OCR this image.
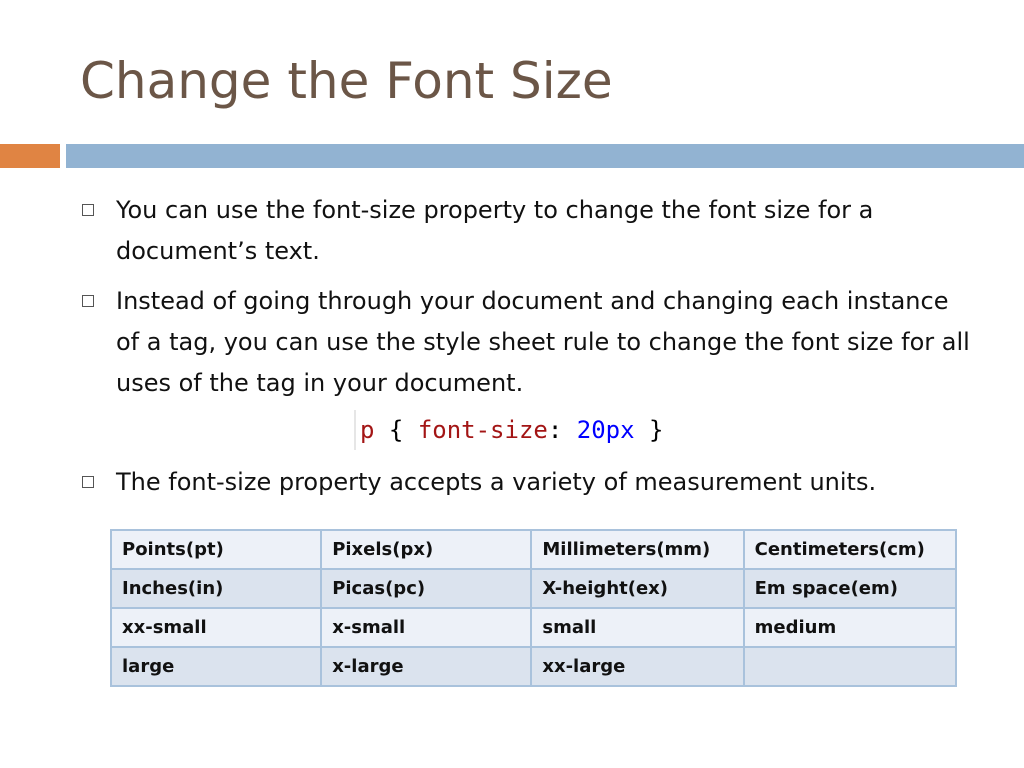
Change the Font Size
You can use the font-size property to change the font size for a document’s text.
Instead of going through your document and changing each instance of a tag, you can use the style sheet rule to change the font size for all uses of the tag in your document.
p { font-size: 20px }
The font-size property accepts a variety of measurement units.
Points(pt)	Pixels(px)	Millimeters(mm)	Centimeters(cm)
Inches(in)	Picas(pc)	X-height(ex)	Em space(em)
xx-small	x-small	small	medium
large	x-large	xx-large	
